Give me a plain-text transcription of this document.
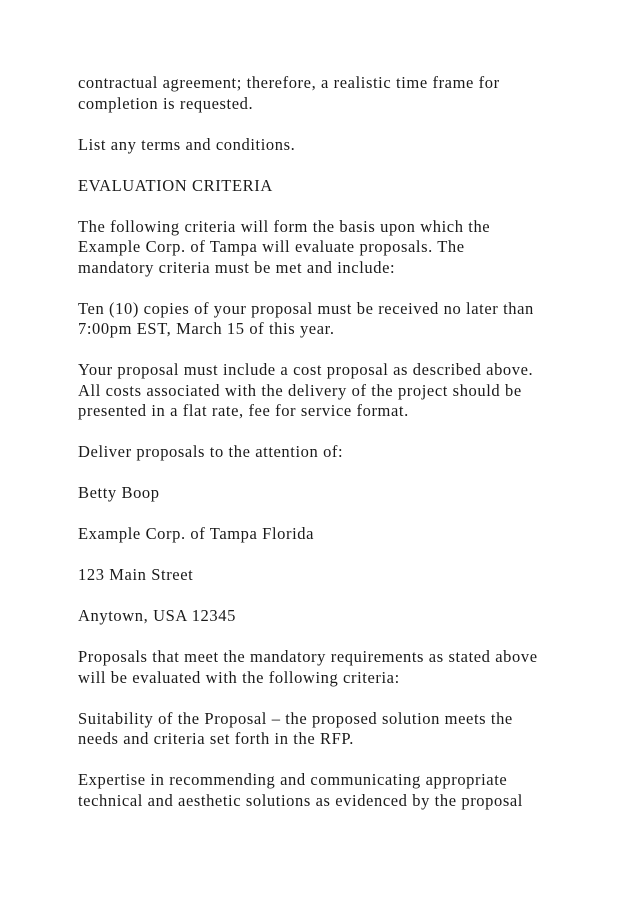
contractual agreement; therefore, a realistic time frame for
completion is requested.

List any terms and conditions.

EVALUATION CRITERIA

The following criteria will form the basis upon which the
Example Corp. of Tampa will evaluate proposals. The
mandatory criteria must be met and include:

Ten (10) copies of your proposal must be received no later than
7:00pm EST, March 15 of this year.

Your proposal must include a cost proposal as described above.
All costs associated with the delivery of the project should be
presented in a flat rate, fee for service format.

Deliver proposals to the attention of:

Betty Boop

Example Corp. of Tampa Florida

123 Main Street

Anytown, USA 12345

Proposals that meet the mandatory requirements as stated above
will be evaluated with the following criteria:

Suitability of the Proposal – the proposed solution meets the
needs and criteria set forth in the RFP.

Expertise in recommending and communicating appropriate
technical and aesthetic solutions as evidenced by the proposal
